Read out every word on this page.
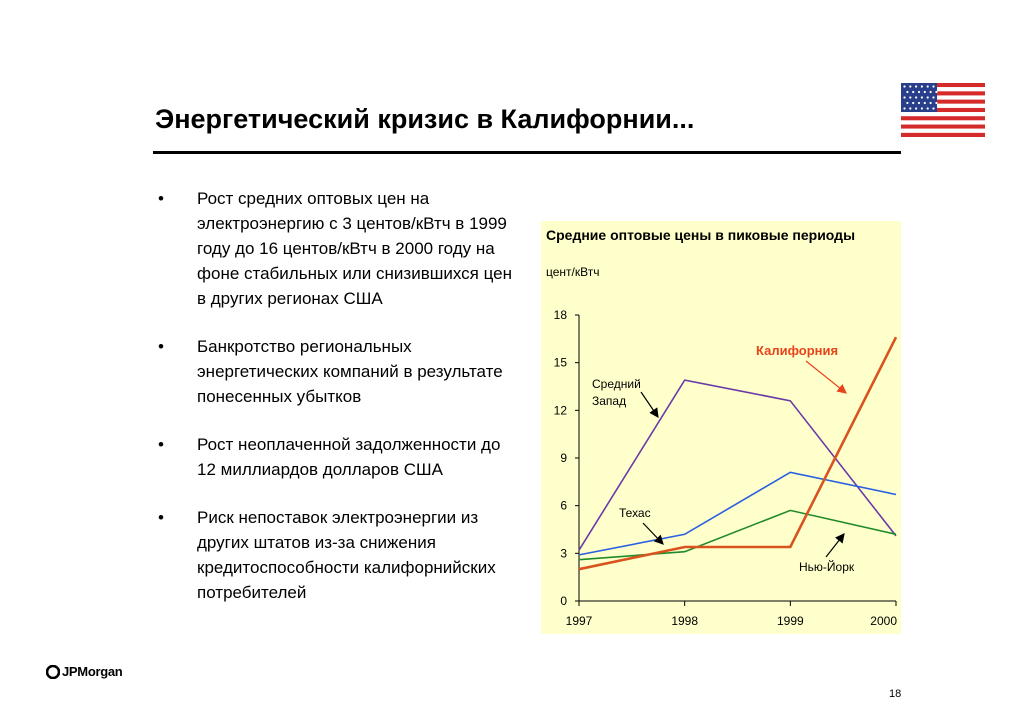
Энергетический кризис в Калифорнии...
• Рост средних оптовых цен на электроэнергию с 3 центов/кВтч в 1999 году до 16 центов/кВтч в 2000 году на фоне стабильных или снизившихся цен в других регионах США
• Банкротство региональных энергетических компаний в результате понесенных убытков
• Рост неоплаченной задолженности до 12 миллиардов долларов США
• Риск непоставок электроэнергии из других штатов из-за снижения кредитоспособности калифорнийских потребителей
Средние оптовые цены в пиковые периоды
цент/кВтч
0
3
6
9
12
15
18
1997	1998	1999	2000
Калифорния
Средний
Запад
Техас
Нью-Йорк
JPMorgan
18
